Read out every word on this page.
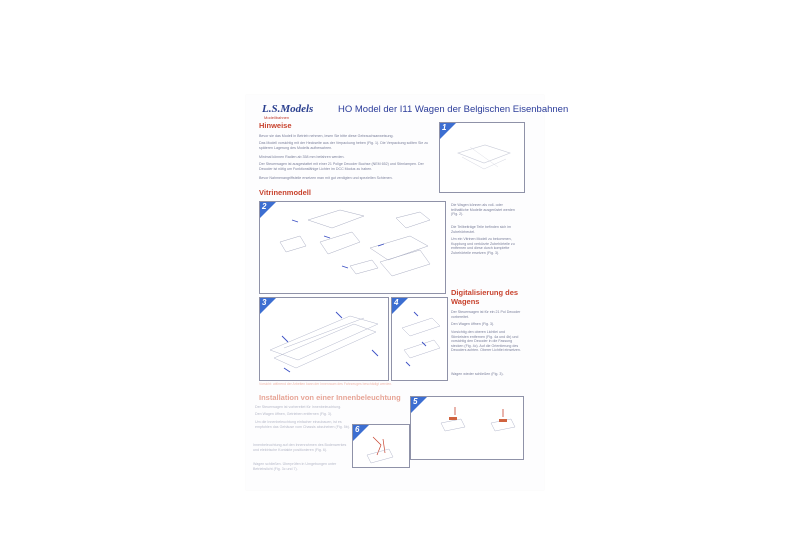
L.S.Models
Modellbahnen
HO Model der I11 Wagen der Belgischen Eisenbahnen
Hinweise
Bevor sie das Modell in Betrieb nehmen, lesen Sie bitte diese Gebrauchsanweisung.
Das Modell vorsichtig mit der Heckseite aus der Verpackung heben (Fig. 1). Die Verpackung sollten Sie zu späteren Lagerung des Modells aufbewahren.
Minimal können Radien ab 358 mm befahren werden.
Der Steuerwagen ist ausgestattet mit einer 21 Polige Decoder Buchse (NEM 652) und Stirnlampen. Der Decoder ist nötig um Funktionsfähige Lichter im DCC Modus zu haben.
Bevor Nahmenangriffsteile ersetzen man mit gut verdigten und speziellen Schienen.
1
Vitrinenmodell
2	Die Wagen können als voll- oder teilhaltliche Modelle ausgerüstet werden (Fig. 2).
Die Teilbeiträge Teile befinden sich im Zubehörbeutel.
Um ein Vitrinen Modell zu bekommen, Kupplung und verkürzte Zubehörteile zu entfernen und diese durch komplette Zubehörteile ersetzen (Fig. 3).
Digitalisierung des Wagens
Der Steuerwagen ist für ein 21 Pol Decoder vorbereitet.
Den Wagen öffnen (Fig. 3).
Vorsichtig den oberen Lichtlei und Stirnleisten entfernen (Fig. 4a und 4b) und vorsichtig den Decoder in die Fassung stecken (Fig. 4c). Auf die Orientierung des Decoders achten. Oberer Lichtlei einsetzen.
Wagen wieder schließen (Fig. 3).
3	4
Vorsicht: während der Arbeiten kann der Innenraum des Fahrzeuges beschädigt werden.
Installation von einer Innenbeleuchtung
Der Steuerwagen ist vorbereitet für Innenbeleuchtung.
Den Wagen öffnen, Getrieben entfernen (Fig. 3).
Um die Innenbeleuchtung einfacher einzubauen, ist es empfohlen das Gehäuse vom Chassis abzuheben (Fig. 5b).
Innenbeleuchtung auf den Innenrahmen des Bodenwerkes und elektrische Kontakte positionieren (Fig. 6).
Wagen schließen. Überprüfen in Umgebungen unter Betriebslicht (Fig. 3c und 7).
5
6
